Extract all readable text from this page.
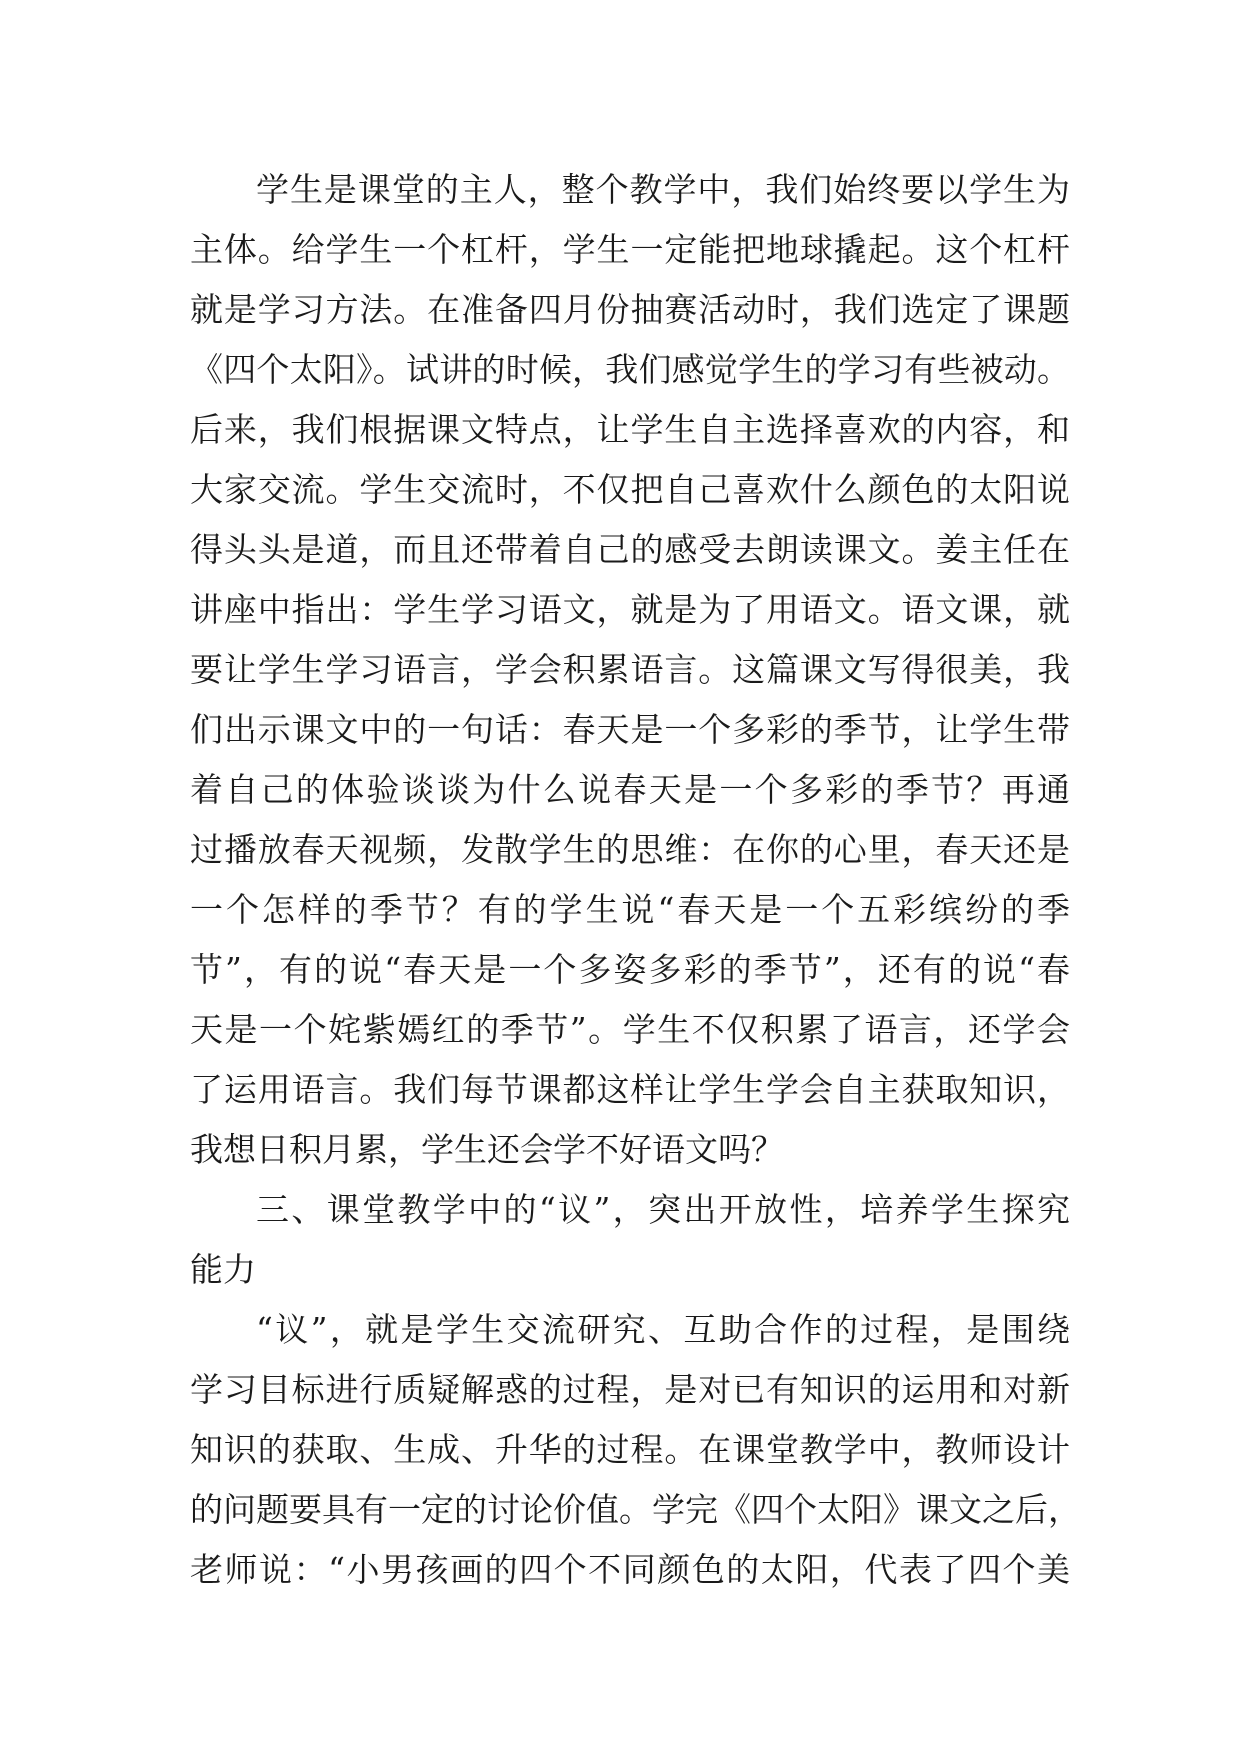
学生是课堂的主人，整个教学中，我们始终要以学生为
主体。给学生一个杠杆，学生一定能把地球撬起。这个杠杆
就是学习方法。在准备四月份抽赛活动时，我们选定了课题
《四个太阳》。试讲的时候，我们感觉学生的学习有些被动。
后来，我们根据课文特点，让学生自主选择喜欢的内容，和
大家交流。学生交流时，不仅把自己喜欢什么颜色的太阳说
得头头是道，而且还带着自己的感受去朗读课文。姜主任在
讲座中指出：学生学习语文，就是为了用语文。语文课，就
要让学生学习语言，学会积累语言。这篇课文写得很美，我
们出示课文中的一句话：春天是一个多彩的季节，让学生带
着自己的体验谈谈为什么说春天是一个多彩的季节？再通
过播放春天视频，发散学生的思维：在你的心里，春天还是
一个怎样的季节？有的学生说“春天是一个五彩缤纷的季
节”，有的说“春天是一个多姿多彩的季节”，还有的说“春
天是一个姹紫嫣红的季节”。学生不仅积累了语言，还学会
了运用语言。我们每节课都这样让学生学会自主获取知识，
我想日积月累，学生还会学不好语文吗？
三、课堂教学中的“议”，突出开放性，培养学生探究
能力
“议”，就是学生交流研究、互助合作的过程，是围绕
学习目标进行质疑解惑的过程，是对已有知识的运用和对新
知识的获取、生成、升华的过程。在课堂教学中，教师设计
的问题要具有一定的讨论价值。学完《四个太阳》课文之后，
老师说：“小男孩画的四个不同颜色的太阳，代表了四个美
